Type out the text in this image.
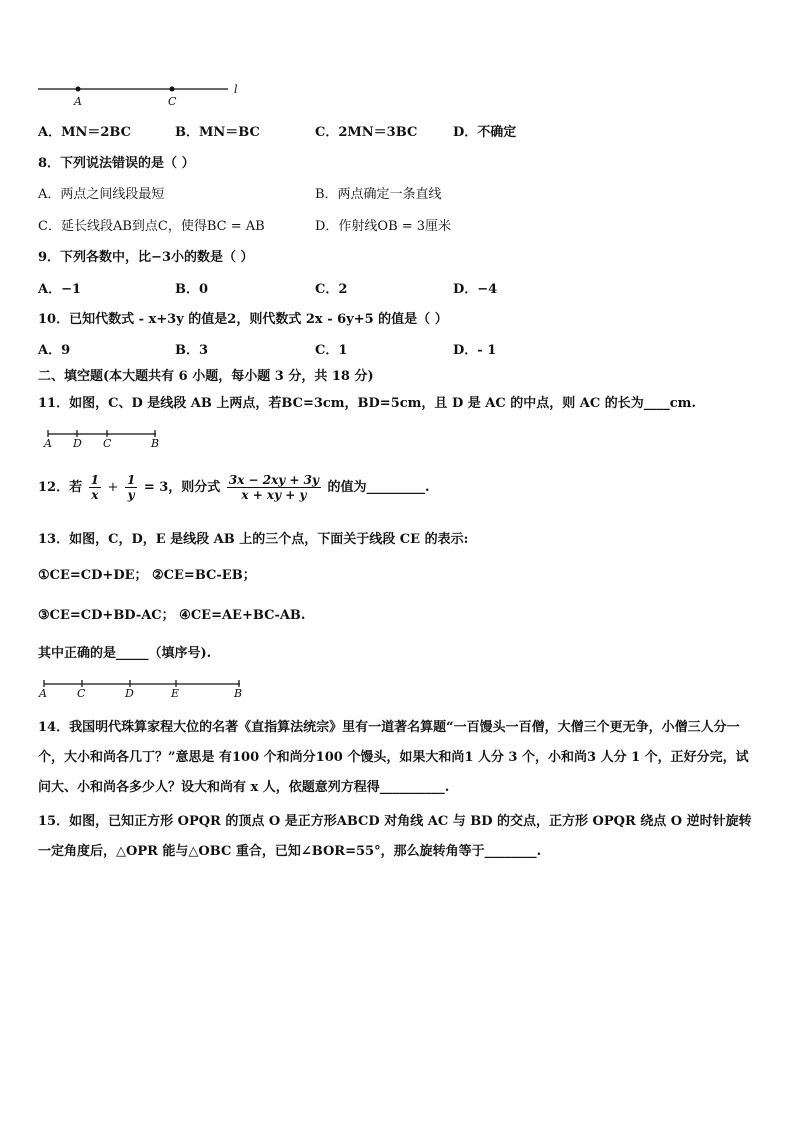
A	C
l
A．MN＝2BC	B．MN＝BC	C．2MN＝3BC	D．不确定
8．下列说法错误的是（ ）
A．两点之间线段最短	B．两点确定一条直线
C．延长线段AB到点C，使得BC = AB	D．作射线OB = 3厘米
9．下列各数中，比−3小的数是（ ）
A．−1	B．0	C．2	D．−4
10．已知代数式 - x+3y 的值是2，则代数式 2x - 6y+5 的值是（ ）
A．9	B．3	C．1	D．- 1
二、填空题(本大题共有 6 小题，每小题 3 分，共 18 分)
11．如图，C、D 是线段 AB 上两点，若BC=3cm，BD=5cm，且 D 是 AC 的中点，则 AC 的长为____cm.
A D C	B
12．若 $\frac{1}{x} + \frac{1}{y} = 3$，则分式 $\frac{3x - 2xy + 3y}{x + xy + y}$ 的值为_________.
13．如图，C，D，E 是线段 AB 上的三个点，下面关于线段 CE 的表示:
①CE=CD+DE； ②CE=BC-EB；
③CE=CD+BD-AC； ④CE=AE+BC-AB.
其中正确的是_____（填序号).
A	C	D	E	B
14．我国明代珠算家程大位的名著《直指算法统宗》里有一道著名算题“一百馒头一百僧，大僧三个更无争，小僧三人分一个，大小和尚各几丁？”意思是 有100 个和尚分100 个馒头，如果大和尚1 人分 3 个，小和尚3 人分 1 个，正好分完，试问大、小和尚各多少人？设大和尚有 x 人，依题意列方程得__________.
15．如图，已知正方形 OPQR 的顶点 O 是正方形ABCD 对角线 AC 与 BD 的交点，正方形 OPQR 绕点 O 逆时针旋转一定角度后，△OPR 能与△OBC 重合，已知∠BOR=55°，那么旋转角等于________.
